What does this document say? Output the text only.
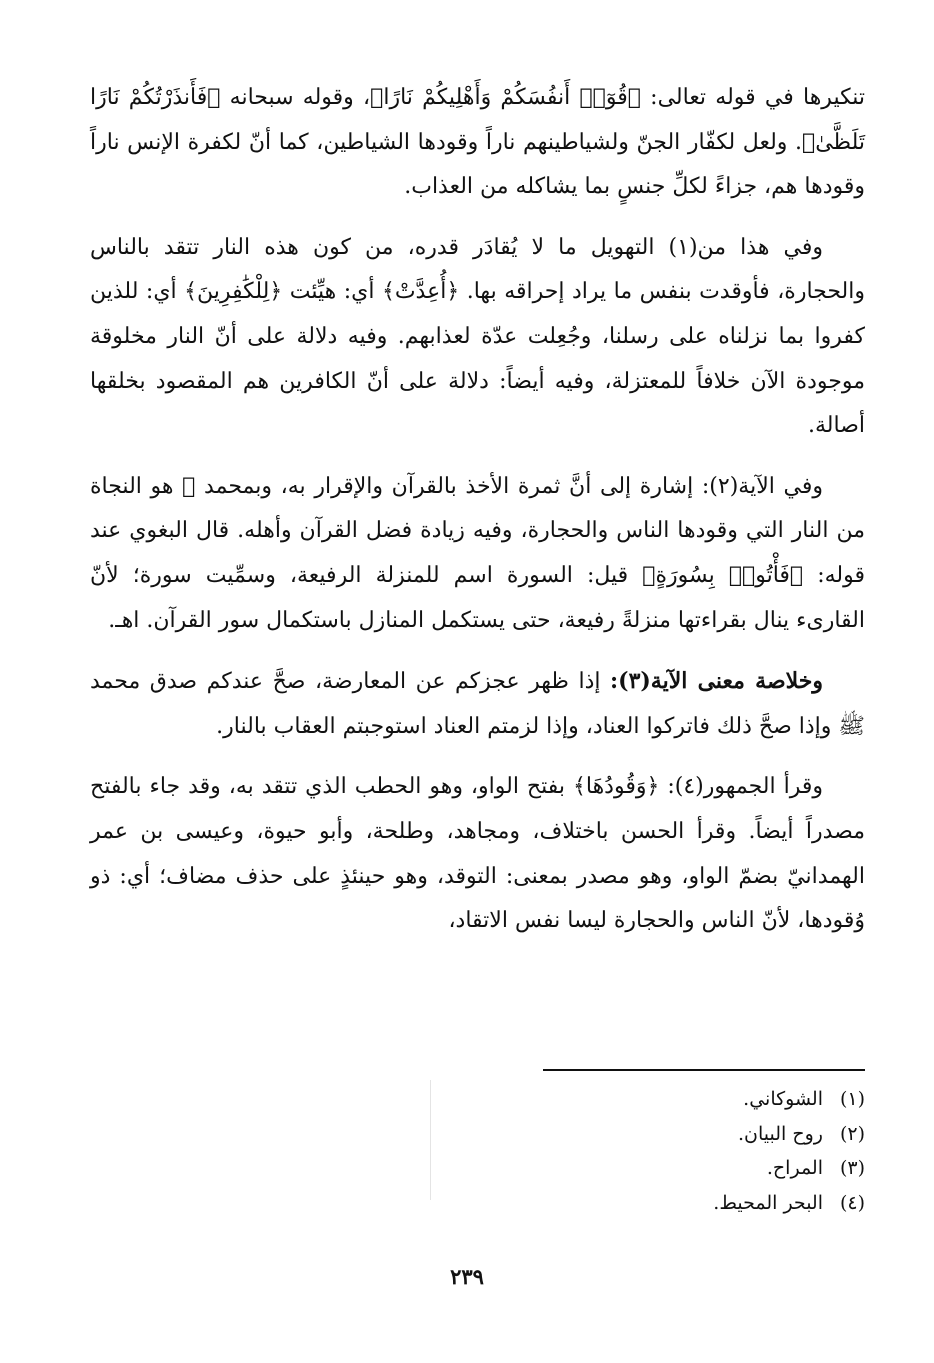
تنكيرها في قوله تعالى: ﴿قُوٓا۟ أَنفُسَكُمْ وَأَهْلِيكُمْ نَارًا﴾، وقوله سبحانه ﴿فَأَنذَرْتُكُمْ نَارًا تَلَظَّىٰ﴾. ولعل لكفّار الجنّ ولشياطينهم ناراً وقودها الشياطين، كما أنّ لكفرة الإنس ناراً وقودها هم، جزاءً لكلِّ جنسٍ بما يشاكله من العذاب.

وفي هذا من(١) التهويل ما لا يُقادَر قدره، من كون هذه النار تتقد بالناس والحجارة، فأوقدت بنفس ما يراد إحراقه بها. ﴿أُعِدَّتْ﴾ أي: هيِّئت ﴿لِلْكَٰفِرِينَ﴾ أي: للذين كفروا بما نزلناه على رسلنا، وجُعِلت عدّة لعذابهم. وفيه دلالة على أنّ النار مخلوقة موجودة الآن خلافاً للمعتزلة، وفيه أيضاً: دلالة على أنّ الكافرين هم المقصود بخلقها أصالة.

وفي الآية(٢): إشارة إلى أنَّ ثمرة الأخذ بالقرآن والإقرار به، وبمحمد ﷺ هو النجاة من النار التي وقودها الناس والحجارة، وفيه زيادة فضل القرآن وأهله. قال البغوي عند قوله: ﴿فَأْتُوا۟ بِسُورَةٍ﴾ قيل: السورة اسم للمنزلة الرفيعة، وسمِّيت سورة؛ لأنّ القارىء ينال بقراءتها منزلةً رفيعة، حتى يستكمل المنازل باستكمال سور القرآن. اهـ.

وخلاصة معنى الآية(٣): إذا ظهر عجزكم عن المعارضة، صحَّ عندكم صدق محمد ﷺ وإذا صحَّ ذلك فاتركوا العناد، وإذا لزمتم العناد استوجبتم العقاب بالنار.

وقرأ الجمهور(٤): ﴿وَقُودُهَا﴾ بفتح الواو، وهو الحطب الذي تتقد به، وقد جاء بالفتح مصدراً أيضاً. وقرأ الحسن باختلاف، ومجاهد، وطلحة، وأبو حيوة، وعيسى بن عمر الهمدانيّ بضمّ الواو، وهو مصدر بمعنى: التوقد، وهو حينئذٍ على حذف مضاف؛ أي: ذو وُقودها، لأنّ الناس والحجارة ليسا نفس الاتقاد،

(١)الشوكاني.
(٢)روح البيان.
(٣)المراح.
(٤)البحر المحيط.
٢٣٩
